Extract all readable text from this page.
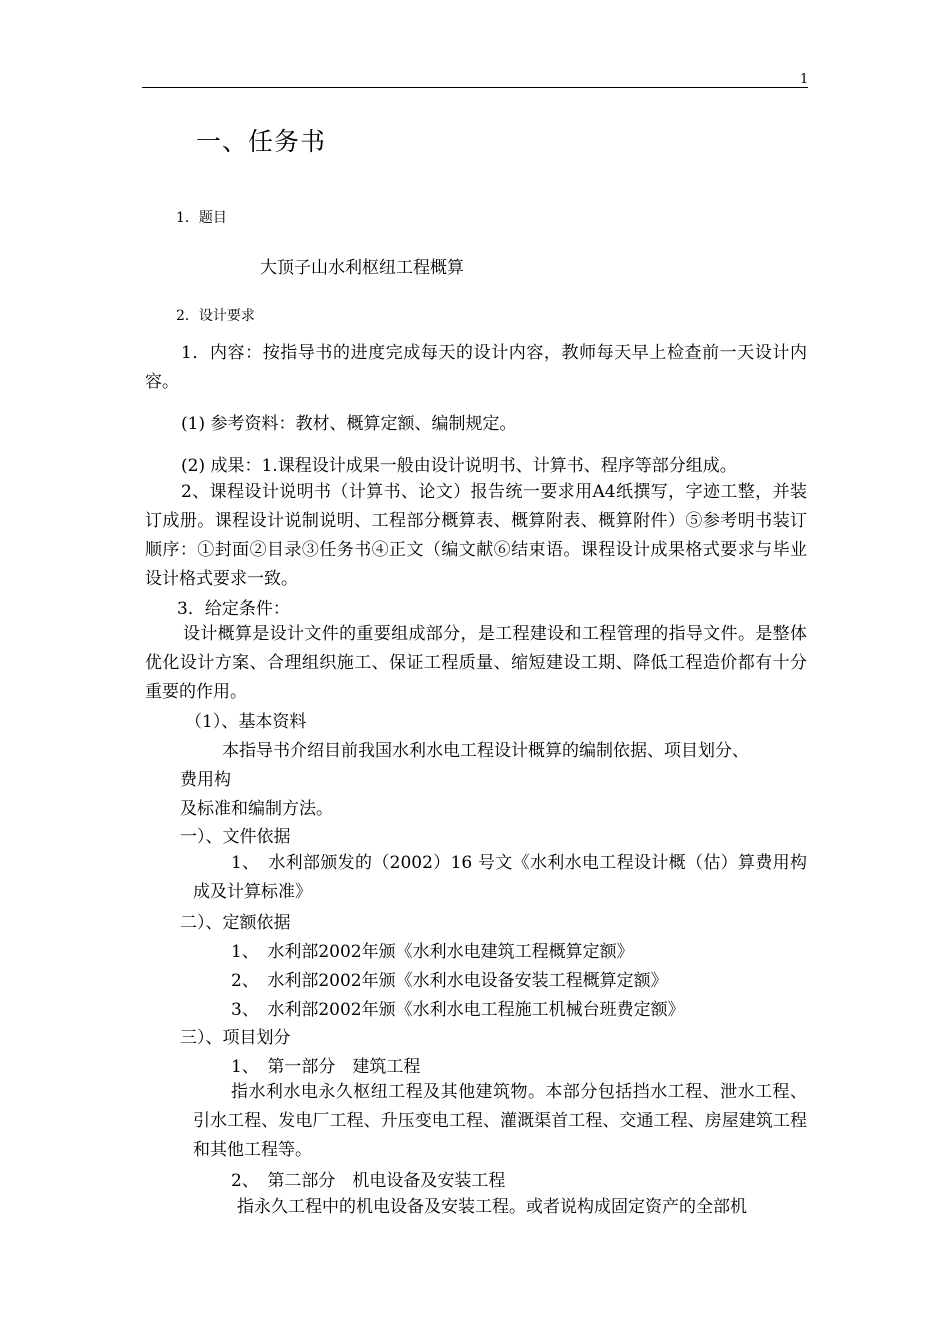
1
一、任务书
1．题目
大顶子山水利枢纽工程概算
2．设计要求
1．内容：按指导书的进度完成每天的设计内容，教师每天早上检查前一天设计内容。
(1) 参考资料：教材、概算定额、编制规定。
(2) 成果：1.课程设计成果一般由设计说明书、计算书、程序等部分组成。
2、课程设计说明书（计算书、论文）报告统一要求用A4纸撰写，字迹工整，并装订成册。课程设计说制说明、工程部分概算表、概算附表、概算附件）⑤参考明书装订顺序：①封面②目录③任务书④正文（编文献⑥结束语。课程设计成果格式要求与毕业设计格式要求一致。
3．给定条件：
设计概算是设计文件的重要组成部分，是工程建设和工程管理的指导文件。是整体优化设计方案、合理组织施工、保证工程质量、缩短建设工期、降低工程造价都有十分重要的作用。
（1）、基本资料
本指导书介绍目前我国水利水电工程设计概算的编制依据、项目划分、
费用构
及标准和编制方法。
一）、文件依据
1、　水利部颁发的（2002）16 号文《水利水电工程设计概（估）算费用构成及计算标准》
二）、定额依据
1、　水利部2002年颁《水利水电建筑工程概算定额》
2、　水利部2002年颁《水利水电设备安装工程概算定额》
3、　水利部2002年颁《水利水电工程施工机械台班费定额》
三）、项目划分
1、　第一部分　建筑工程
指水利水电永久枢纽工程及其他建筑物。本部分包括挡水工程、泄水工程、引水工程、发电厂工程、升压变电工程、灌溉渠首工程、交通工程、房屋建筑工程和其他工程等。
2、　第二部分　机电设备及安装工程
指永久工程中的机电设备及安装工程。或者说构成固定资产的全部机
